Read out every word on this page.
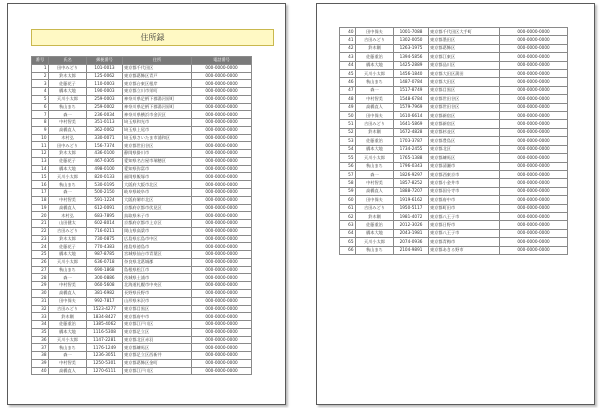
住所録
番号	氏名	郵便番号	住所	電話番号
1	田中みどり	101-0013	東京都千代田区	000-0000-0000
2	鈴木太郎	125-0062	東京都葛飾区青戸	000-0000-0000
3	佐藤花子	110-0003	東京都台東区根岸	000-0000-0000
4	橋本大地	190-0003	東京都立川市栄町	000-0000-0000
5	天川小太郎	259-0003	神奈川県足柄下郡湯河原町	000-0000-0000
6	秋山まち	259-0002	神奈川県足柄下郡湯河原町	000-0000-0000
7	森一	236-0034	神奈川県横浜市金沢区	000-0000-0000
8	中村智美	351-0113	埼玉県和光市	000-0000-0000
9	高橋直人	362-0062	埼玉県上尾市	000-0000-0000
10	木村弘	330-0071	埼玉県さいたま市浦和区	000-0000-0000
11	田中みどり	156-7374	東京都世田谷区	000-0000-0000
12	鈴木太郎	436-0100	静岡県掛川市	000-0000-0000
13	佐藤花子	467-0305	愛知県名古屋市瑞穂区	000-0000-0000
14	橋本大地	498-0100	愛知県弥富市	000-0000-0000
15	天川小太郎	820-0133	福岡県飯塚市	000-0000-0000
16	秋山まち	530-0195	大阪府大阪市北区	000-0000-0000
17	森一	500-2150	岐阜県岐阜市	000-0000-0000
18	中村智美	591-1224	大阪府堺市北区	000-0000-0000
19	高橋直人	612-0091	京都府京都市伏見区	000-0000-0000
20	木村弘	683-7895	鳥取県米子市	000-0000-0000
21	山田健太	602-8014	京都府京都市上京区	000-0000-0000
22	吉田みどり	716-0211	岡山県高梁市	000-0000-0000
23	鈴木太郎	730-0875	広島県広島市中区	000-0000-0000
24	佐藤花子	770-4383	徳島県徳島市	000-0000-0000
25	橋本大地	987-8785	宮城県仙台市青葉区	000-0000-0000
26	天川小太郎	636-0718	奈良県北葛城郡	000-0000-0000
27	秋山まち	690-1868	島根県松江市	000-0000-0000
28	森一	300-0886	茨城県土浦市	000-0000-0000
29	中村智美	060-5608	北海道札幌市中央区	000-0000-0000
30	高橋直人	381-6982	長野県長野市	000-0000-0000
31	田中保夫	992-7817	山形県米沢市	000-0000-0000
32	吉田みどり	1523-4277	東京都目黒区	000-0000-0000
33	鈴木剛	1834-8427	東京都府中市	000-0000-0000
34	佐藤重治	1385-4062	東京都江戸川区	000-0000-0000
35	橋本大地	1116-5308	東京都足立区	000-0000-0000
36	天川小太郎	1147-2281	東京都北区赤羽	000-0000-0000
37	秋山まち	1176-1249	東京都練馬区	000-0000-0000
38	森一	1236-3051	東京都足立区西新井	000-0000-0000
39	中村智美	1250-5301	東京都葛飾区金町	000-0000-0000
40	高橋直人	1270-6111	東京都江戸川区	000-0000-0000
40	田中保夫	1001-7088	東京都千代田区大手町	000-0000-0000
41	吉田みどり	1302-0050	東京都墨田区	000-0000-0000
42	鈴木剛	1263-1975	東京都葛飾区	000-0000-0000
43	佐藤重治	1394-5856	東京都江東区	000-0000-0000
44	橋本大地	1425-2889	東京都品川区	000-0000-0000
45	天川小太郎	1456-1840	東京都大田区蒲田	000-0000-0000
46	秋山まち	1487-0784	東京都大田区	000-0000-0000
47	森一	1517-8749	東京都目黒区	000-0000-0000
48	中村智美	1548-6784	東京都世田谷区	000-0000-0000
49	高橋直人	1579-7969	東京都世田谷区	000-0000-0000
50	田中保夫	1610-6614	東京都新宿区	000-0000-0000
51	吉田みどり	1641-5869	東京都新宿区	000-0000-0000
52	鈴木剛	1672-4828	東京都杉並区	000-0000-0000
53	佐藤重治	1703-3787	東京都豊島区	000-0000-0000
54	橋本大地	1734-2455	東京都北区	000-0000-0000
55	天川小太郎	1765-1388	東京都練馬区	000-0000-0000
56	秋山まち	1796-0343	東京都清瀬市	000-0000-0000
57	森一	1826-9297	東京都西東京市	000-0000-0000
58	中村智美	1857-8252	東京都小金井市	000-0000-0000
59	高橋直人	1888-7207	東京都国分寺市	000-0000-0000
60	田中保夫	1919-6162	東京都府中市	000-0000-0000
61	吉田みどり	1950-5117	東京都町田市	000-0000-0000
62	鈴木剛	1981-4072	東京都八王子市	000-0000-0000
63	佐藤重治	2012-3026	東京都日野市	000-0000-0000
64	橋本大地	2043-1981	東京都八王子市	000-0000-0000
65	天川小太郎	2074-0936	東京都青梅市	000-0000-0000
66	秋山まち	2104-9891	東京都あきる野市	000-0000-0000
